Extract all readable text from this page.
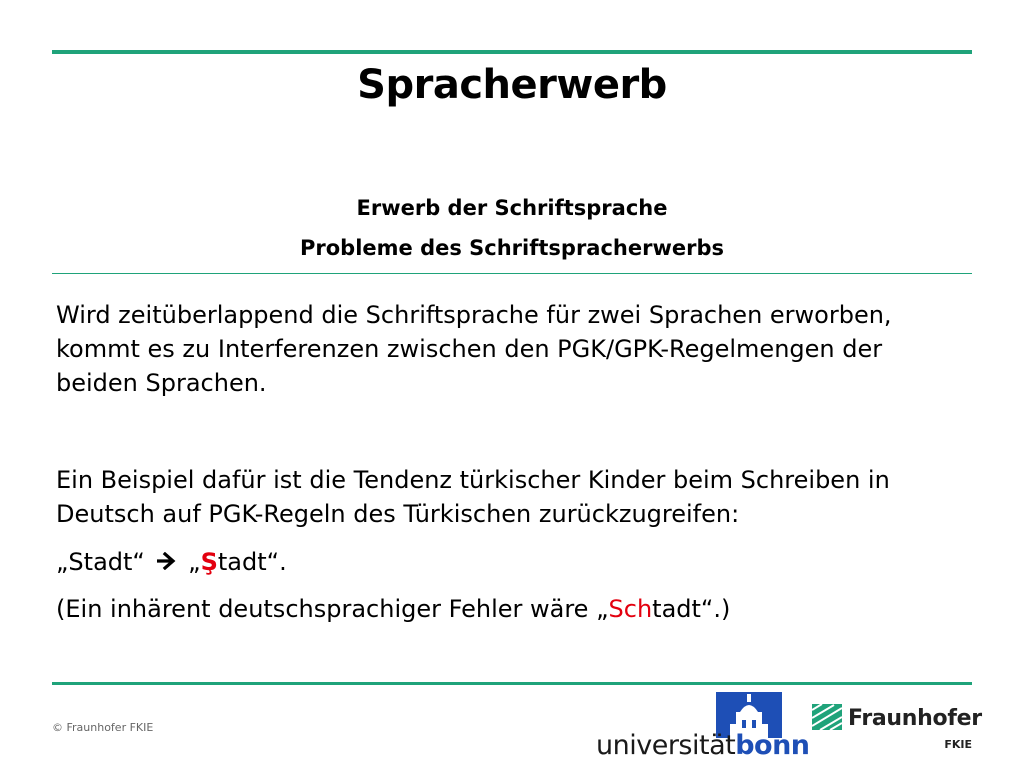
Spracherwerb
Erwerb der Schriftsprache
Probleme des Schriftspracherwerbs
Wird zeitüberlappend die Schriftsprache für zwei Sprachen erworben, kommt es zu Interferenzen zwischen den PGK/GPK-Regelmengen der beiden Sprachen.
Ein Beispiel dafür ist die Tendenz türkischer Kinder beim Schreiben in Deutsch auf PGK-Regeln des Türkischen zurückzugreifen:
„Stadt“ „Ştadt“.
(Ein inhärent deutschsprachiger Fehler wäre „Schtadt“.)
© Fraunhofer FKIE
universitätbonn
Fraunhofer
FKIE
